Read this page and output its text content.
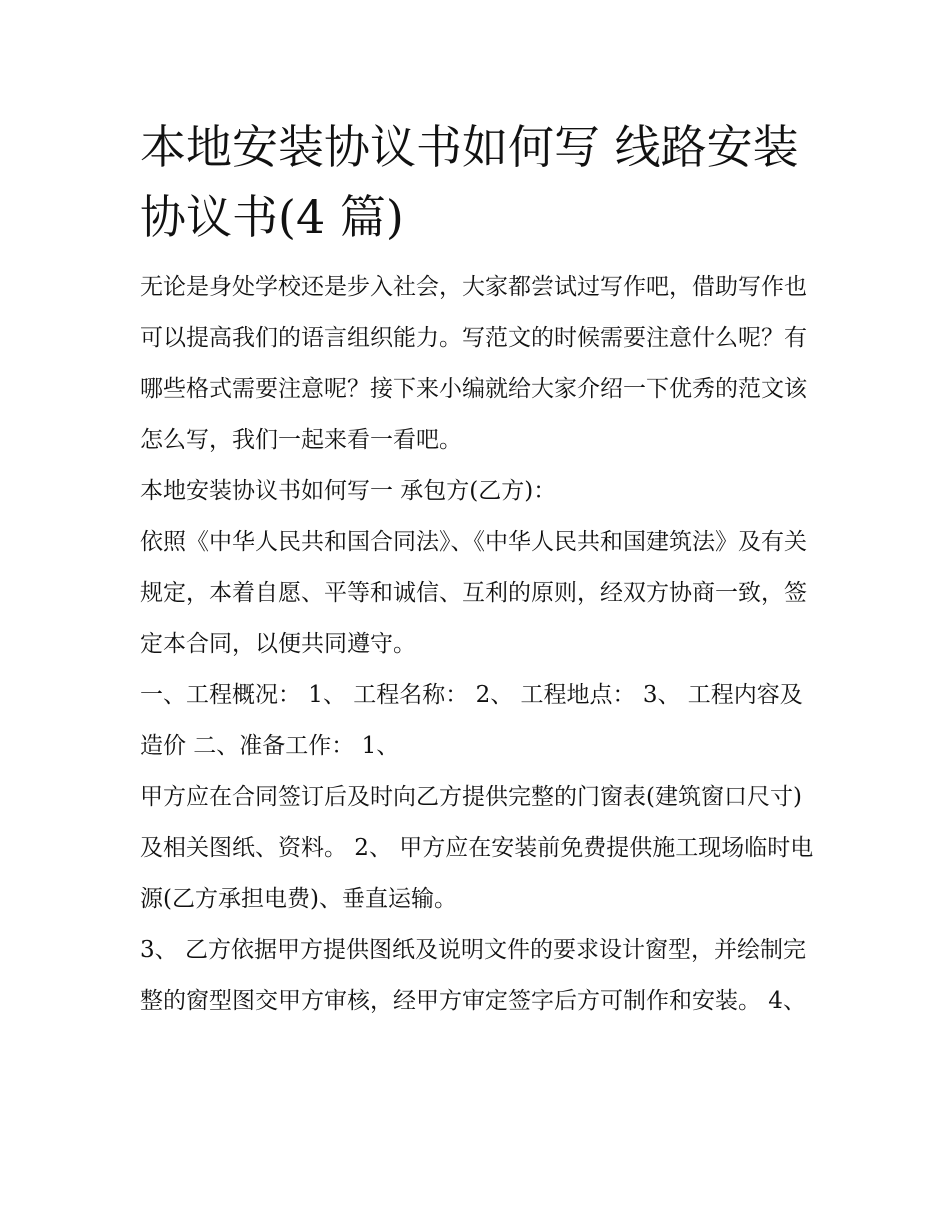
本地安装协议书如何写 线路安装协议书(4 篇)

无论是身处学校还是步入社会，大家都尝试过写作吧，借助写作也可以提高我们的语言组织能力。写范文的时候需要注意什么呢？有哪些格式需要注意呢？接下来小编就给大家介绍一下优秀的范文该怎么写，我们一起来看一看吧。

本地安装协议书如何写一 承包方(乙方)：

依照《中华人民共和国合同法》、《中华人民共和国建筑法》及有关规定，本着自愿、平等和诚信、互利的原则，经双方协商一致，签定本合同，以便共同遵守。

一、工程概况： 1、 工程名称： 2、 工程地点： 3、 工程内容及造价 二、准备工作： 1、

甲方应在合同签订后及时向乙方提供完整的门窗表(建筑窗口尺寸)及相关图纸、资料。 2、 甲方应在安装前免费提供施工现场临时电源(乙方承担电费)、垂直运输。

3、 乙方依据甲方提供图纸及说明文件的要求设计窗型，并绘制完整的窗型图交甲方审核，经甲方审定签字后方可制作和安装。 4、
